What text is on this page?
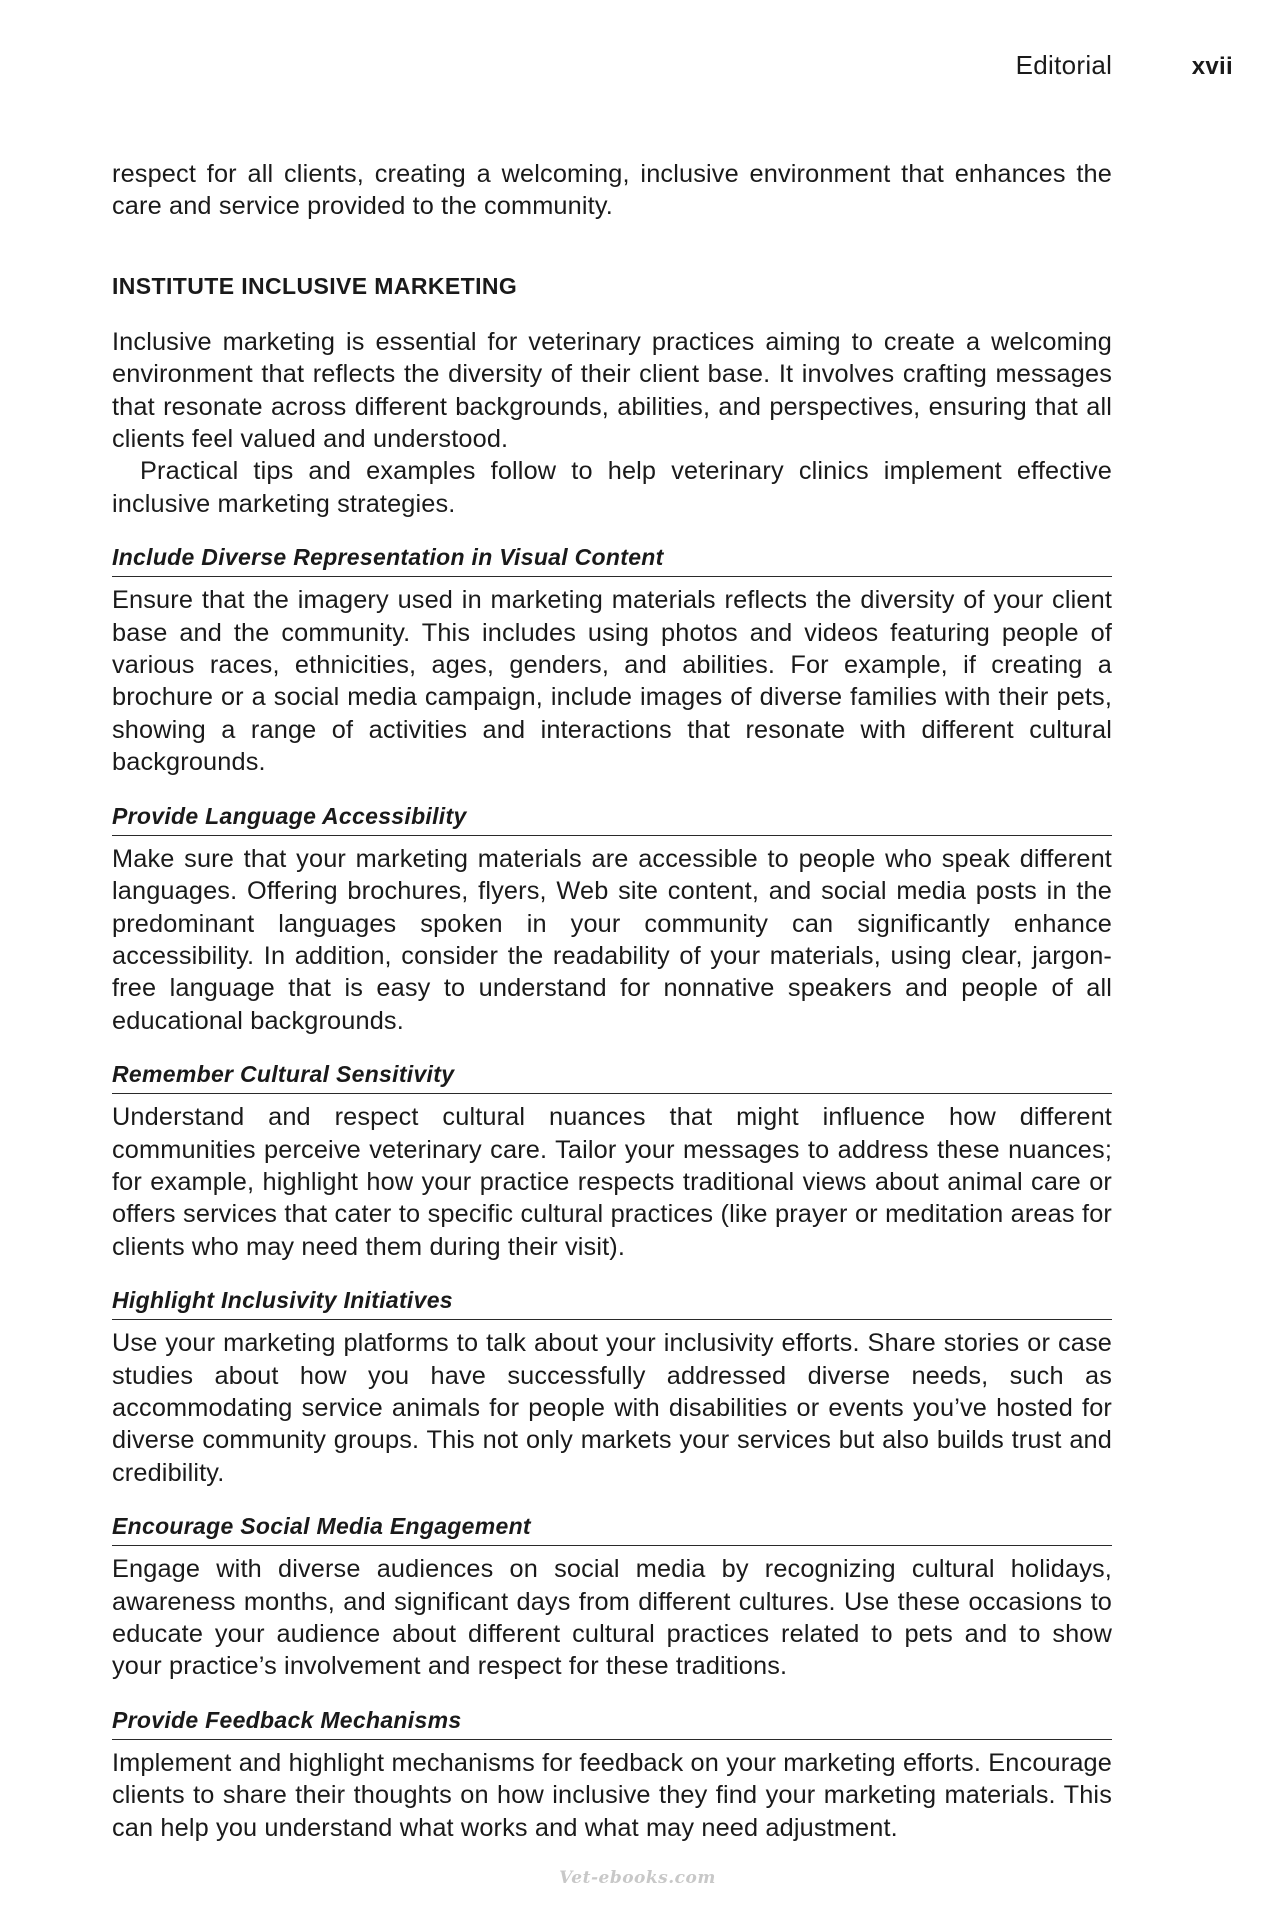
Editorial	xvii

respect for all clients, creating a welcoming, inclusive environment that enhances the care and service provided to the community.

INSTITUTE INCLUSIVE MARKETING

Inclusive marketing is essential for veterinary practices aiming to create a welcoming environment that reflects the diversity of their client base. It involves crafting messages that resonate across different backgrounds, abilities, and perspectives, ensuring that all clients feel valued and understood.

Practical tips and examples follow to help veterinary clinics implement effective inclusive marketing strategies.

Include Diverse Representation in Visual Content

Ensure that the imagery used in marketing materials reflects the diversity of your client base and the community. This includes using photos and videos featuring people of various races, ethnicities, ages, genders, and abilities. For example, if creating a brochure or a social media campaign, include images of diverse families with their pets, showing a range of activities and interactions that resonate with different cultural backgrounds.

Provide Language Accessibility

Make sure that your marketing materials are accessible to people who speak different languages. Offering brochures, flyers, Web site content, and social media posts in the predominant languages spoken in your community can significantly enhance accessibility. In addition, consider the readability of your materials, using clear, jargon-free language that is easy to understand for nonnative speakers and people of all educational backgrounds.

Remember Cultural Sensitivity

Understand and respect cultural nuances that might influence how different communities perceive veterinary care. Tailor your messages to address these nuances; for example, highlight how your practice respects traditional views about animal care or offers services that cater to specific cultural practices (like prayer or meditation areas for clients who may need them during their visit).

Highlight Inclusivity Initiatives

Use your marketing platforms to talk about your inclusivity efforts. Share stories or case studies about how you have successfully addressed diverse needs, such as accommodating service animals for people with disabilities or events you’ve hosted for diverse community groups. This not only markets your services but also builds trust and credibility.

Encourage Social Media Engagement

Engage with diverse audiences on social media by recognizing cultural holidays, awareness months, and significant days from different cultures. Use these occasions to educate your audience about different cultural practices related to pets and to show your practice’s involvement and respect for these traditions.

Provide Feedback Mechanisms

Implement and highlight mechanisms for feedback on your marketing efforts. Encourage clients to share their thoughts on how inclusive they find your marketing materials. This can help you understand what works and what may need adjustment.

Vet-ebooks.com
